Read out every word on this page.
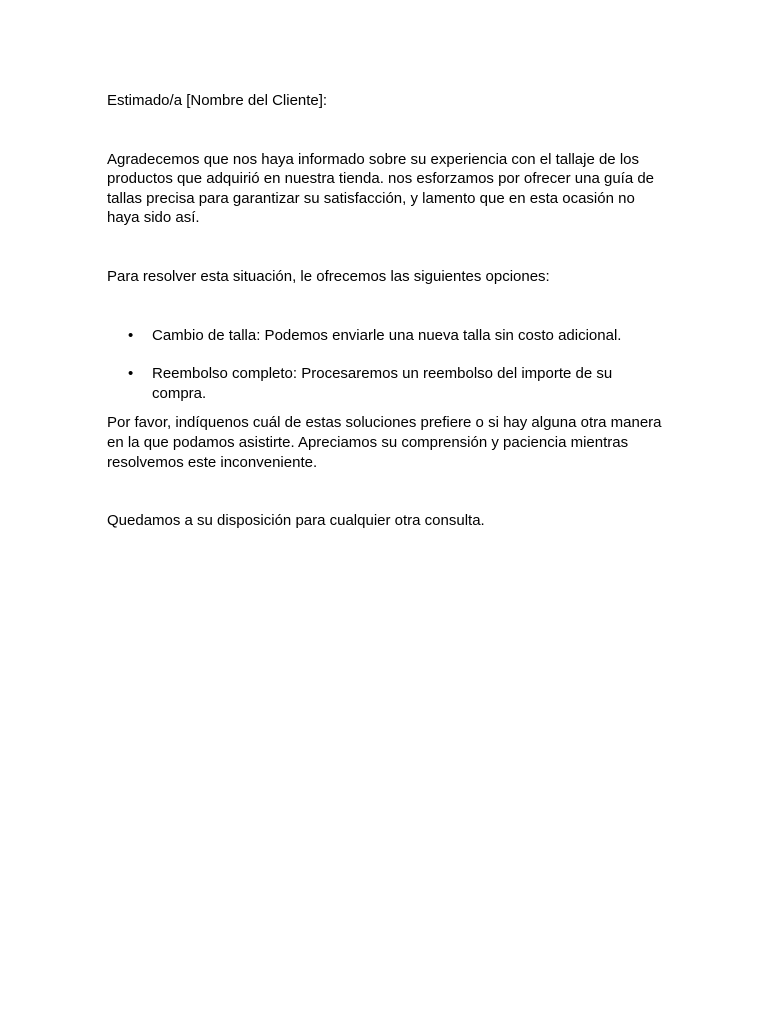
Estimado/a [Nombre del Cliente]:

Agradecemos que nos haya informado sobre su experiencia con el tallaje de los productos que adquirió en nuestra tienda. nos esforzamos por ofrecer una guía de tallas precisa para garantizar su satisfacción, y lamento que en esta ocasión no haya sido así.

Para resolver esta situación, le ofrecemos las siguientes opciones:

• Cambio de talla: Podemos enviarle una nueva talla sin costo adicional.
• Reembolso completo: Procesaremos un reembolso del importe de su compra.

Por favor, indíquenos cuál de estas soluciones prefiere o si hay alguna otra manera en la que podamos asistirte. Apreciamos su comprensión y paciencia mientras resolvemos este inconveniente.

Quedamos a su disposición para cualquier otra consulta.
